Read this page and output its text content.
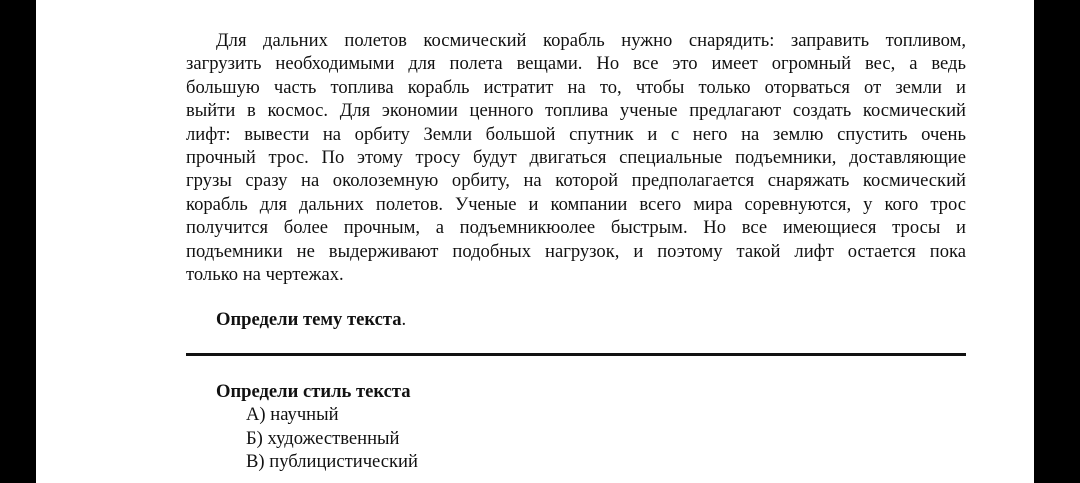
Для дальних полетов космический корабль нужно снарядить: заправить топливом,
загрузить необходимыми для полета вещами. Но все это имеет огромный вес, а ведь
большую часть топлива корабль истратит на то, чтобы только оторваться от земли и
выйти в космос. Для экономии ценного топлива ученые предлагают создать космический
лифт: вывести на орбиту Земли большой спутник и с него на землю спустить очень
прочный трос. По этому тросу будут двигаться специальные подъемники, доставляющие
грузы сразу на околоземную орбиту, на которой предполагается снаряжать космический
корабль для дальних полетов. Ученые и компании всего мира соревнуются, у кого трос
получится более прочным, а подъемникюолее быстрым. Но все имеющиеся тросы и
подъемники не выдерживают подобных нагрузок, и поэтому такой лифт остается пока
только на чертежах.
Определи тему текста.
Определи стиль текста
А) научный
Б) художественный
В) публицистический
